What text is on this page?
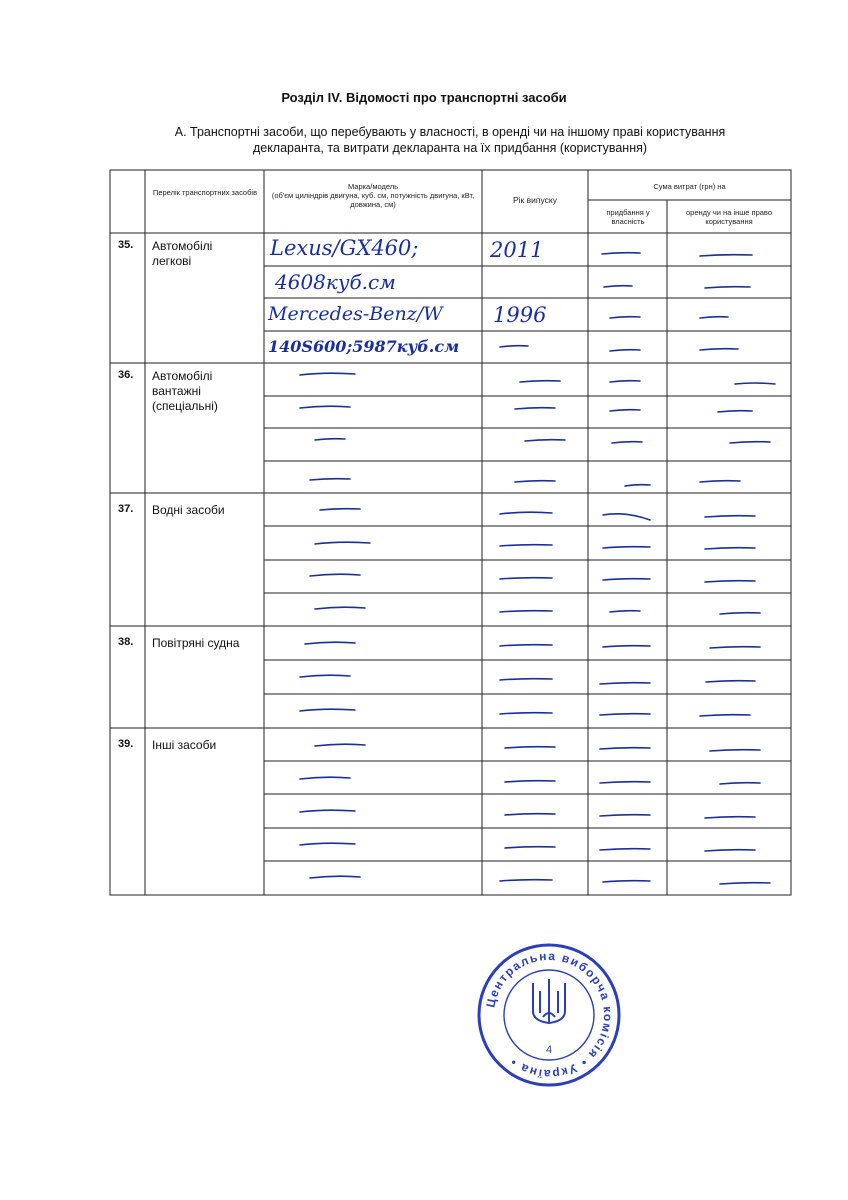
Розділ IV. Відомості про транспортні засоби
А. Транспортні засоби, що перебувають у власності, в оренді чи на іншому праві користування
декларанта, та витрати декларанта на їх придбання (користування)
Перелік транспортних засобів
Марка/модель
(об'єм циліндрів двигуна, куб. см, потужність двигуна, кВт, довжина, см)	Рік випуску
Сума витрат (грн) на
придбання у власність
оренду чи на інше право користування
35. Автомобілі легкові
36. Автомобілі вантажні (спеціальні)
37. Водні засоби
38. Повітряні судна
39. Інші засоби
Lexus/GX460;
4608куб.см
2011
Mercedes-Benz/W
140S600;5987куб.см
1996
Центральна виборча комісія • Україна •
4
